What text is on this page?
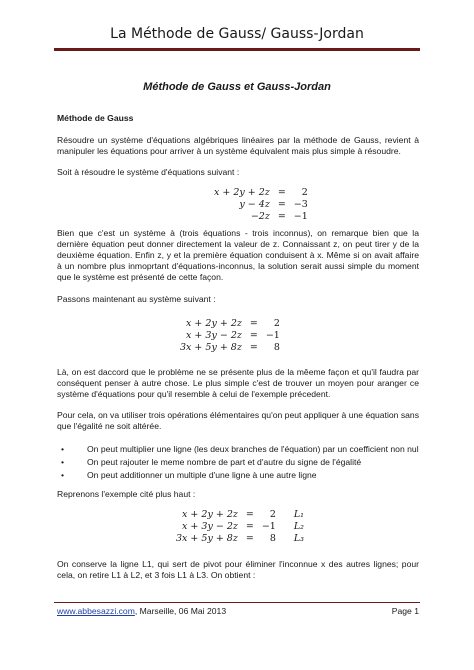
La Méthode de Gauss/ Gauss-Jordan
Méthode de Gauss et Gauss-Jordan
Méthode de Gauss
Résoudre un système d'équations algébriques linéaires par la méthode de Gauss, revient à manipuler les équations pour arriver à un système équivalent mais plus simple à résoudre.
Soit à résoudre le système d'équations suivant :
x + 2y + 2z	=	2
y − 4z	=	−3
−2z	=	−1
Bien que c'est un système à (trois équations - trois inconnus), on remarque bien que la dernière équation peut donner directement la valeur de z. Connaissant z, on peut tirer y de la deuxième équation. Enfin z, y et la première équation conduisent à x. Même si on avait affaire à un nombre plus inmoprtant d'équations-inconnus, la solution serait aussi simple du moment que le système est présenté de cette façon.
Passons maintenant au système suivant :
x + 2y + 2z	=	2
x + 3y − 2z	=	−1
3x + 5y + 8z	=	8
Là, on est daccord que le problème ne se présente plus de la mêeme façon et qu'il faudra par conséquent penser à autre chose. Le plus simple c'est de trouver un moyen pour aranger ce système d'équations pour qu'il resemble à celui de l'exemple précedent.
Pour cela, on va utiliser trois opérations élémentaires qu'on peut appliquer à une équation sans que l'égalité ne soit altérée.
•	On peut multiplier une ligne (les deux branches de l'équation) par un coefficient non nul
•	On peut rajouter le meme nombre de part et d'autre du signe de l'égalité
•	On peut additionner un multiple d'une ligne à une autre ligne
Reprenons l'exemple cité plus haut :
x + 2y + 2z	=	2	L₁
x + 3y − 2z	=	−1	L₂
3x + 5y + 8z	=	8	L₃
On conserve la ligne L1, qui sert de pivot pour éliminer l'inconnue x des autres lignes; pour cela, on retire L1 à L2, et 3 fois L1 à L3. On obtient :
www.abbesazzi.com, Marseille, 06 Mai 2013	Page 1
